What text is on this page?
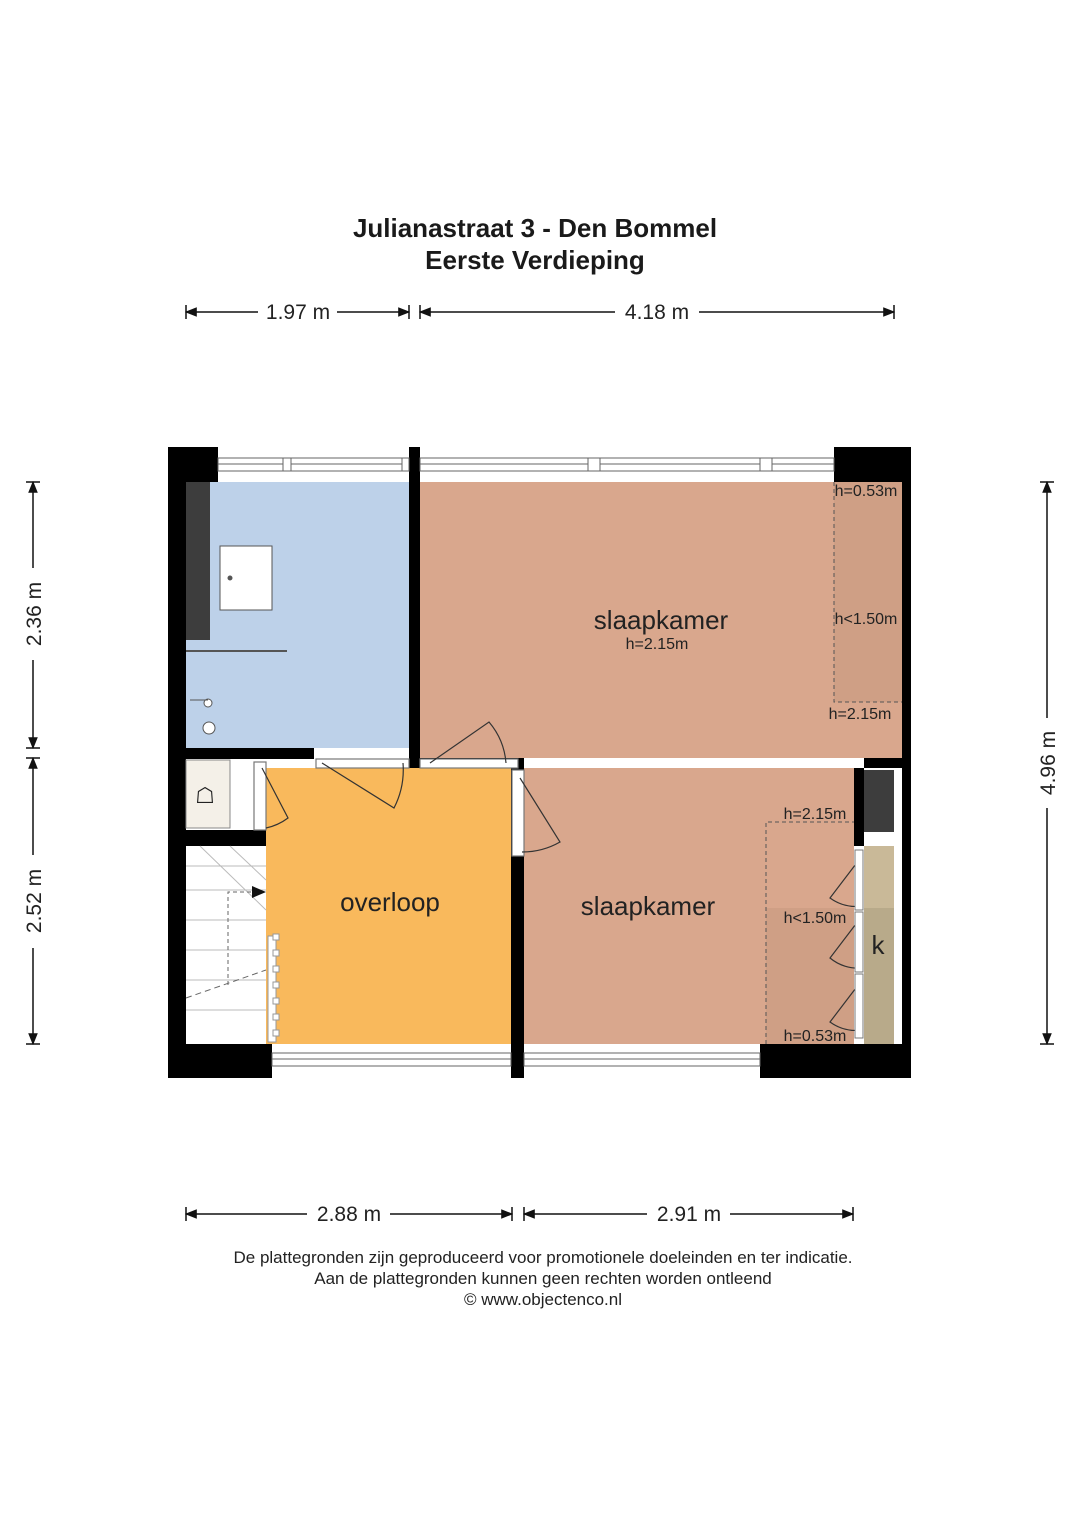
Julianastraat 3 - Den Bommel
Eerste Verdieping
1.97 m	4.18 m
2.36 m
2.52 m
4.96 m
2.88 m	2.91 m
☖
slaapkamer
h=2.15m
overloop	slaapkamer
k
h=0.53m
h<1.50m
h=2.15m
h=2.15m
h<1.50m
h=0.53m
De plattegronden zijn geproduceerd voor promotionele doeleinden en ter indicatie.
Aan de plattegronden kunnen geen rechten worden ontleend
© www.objectenco.nl
